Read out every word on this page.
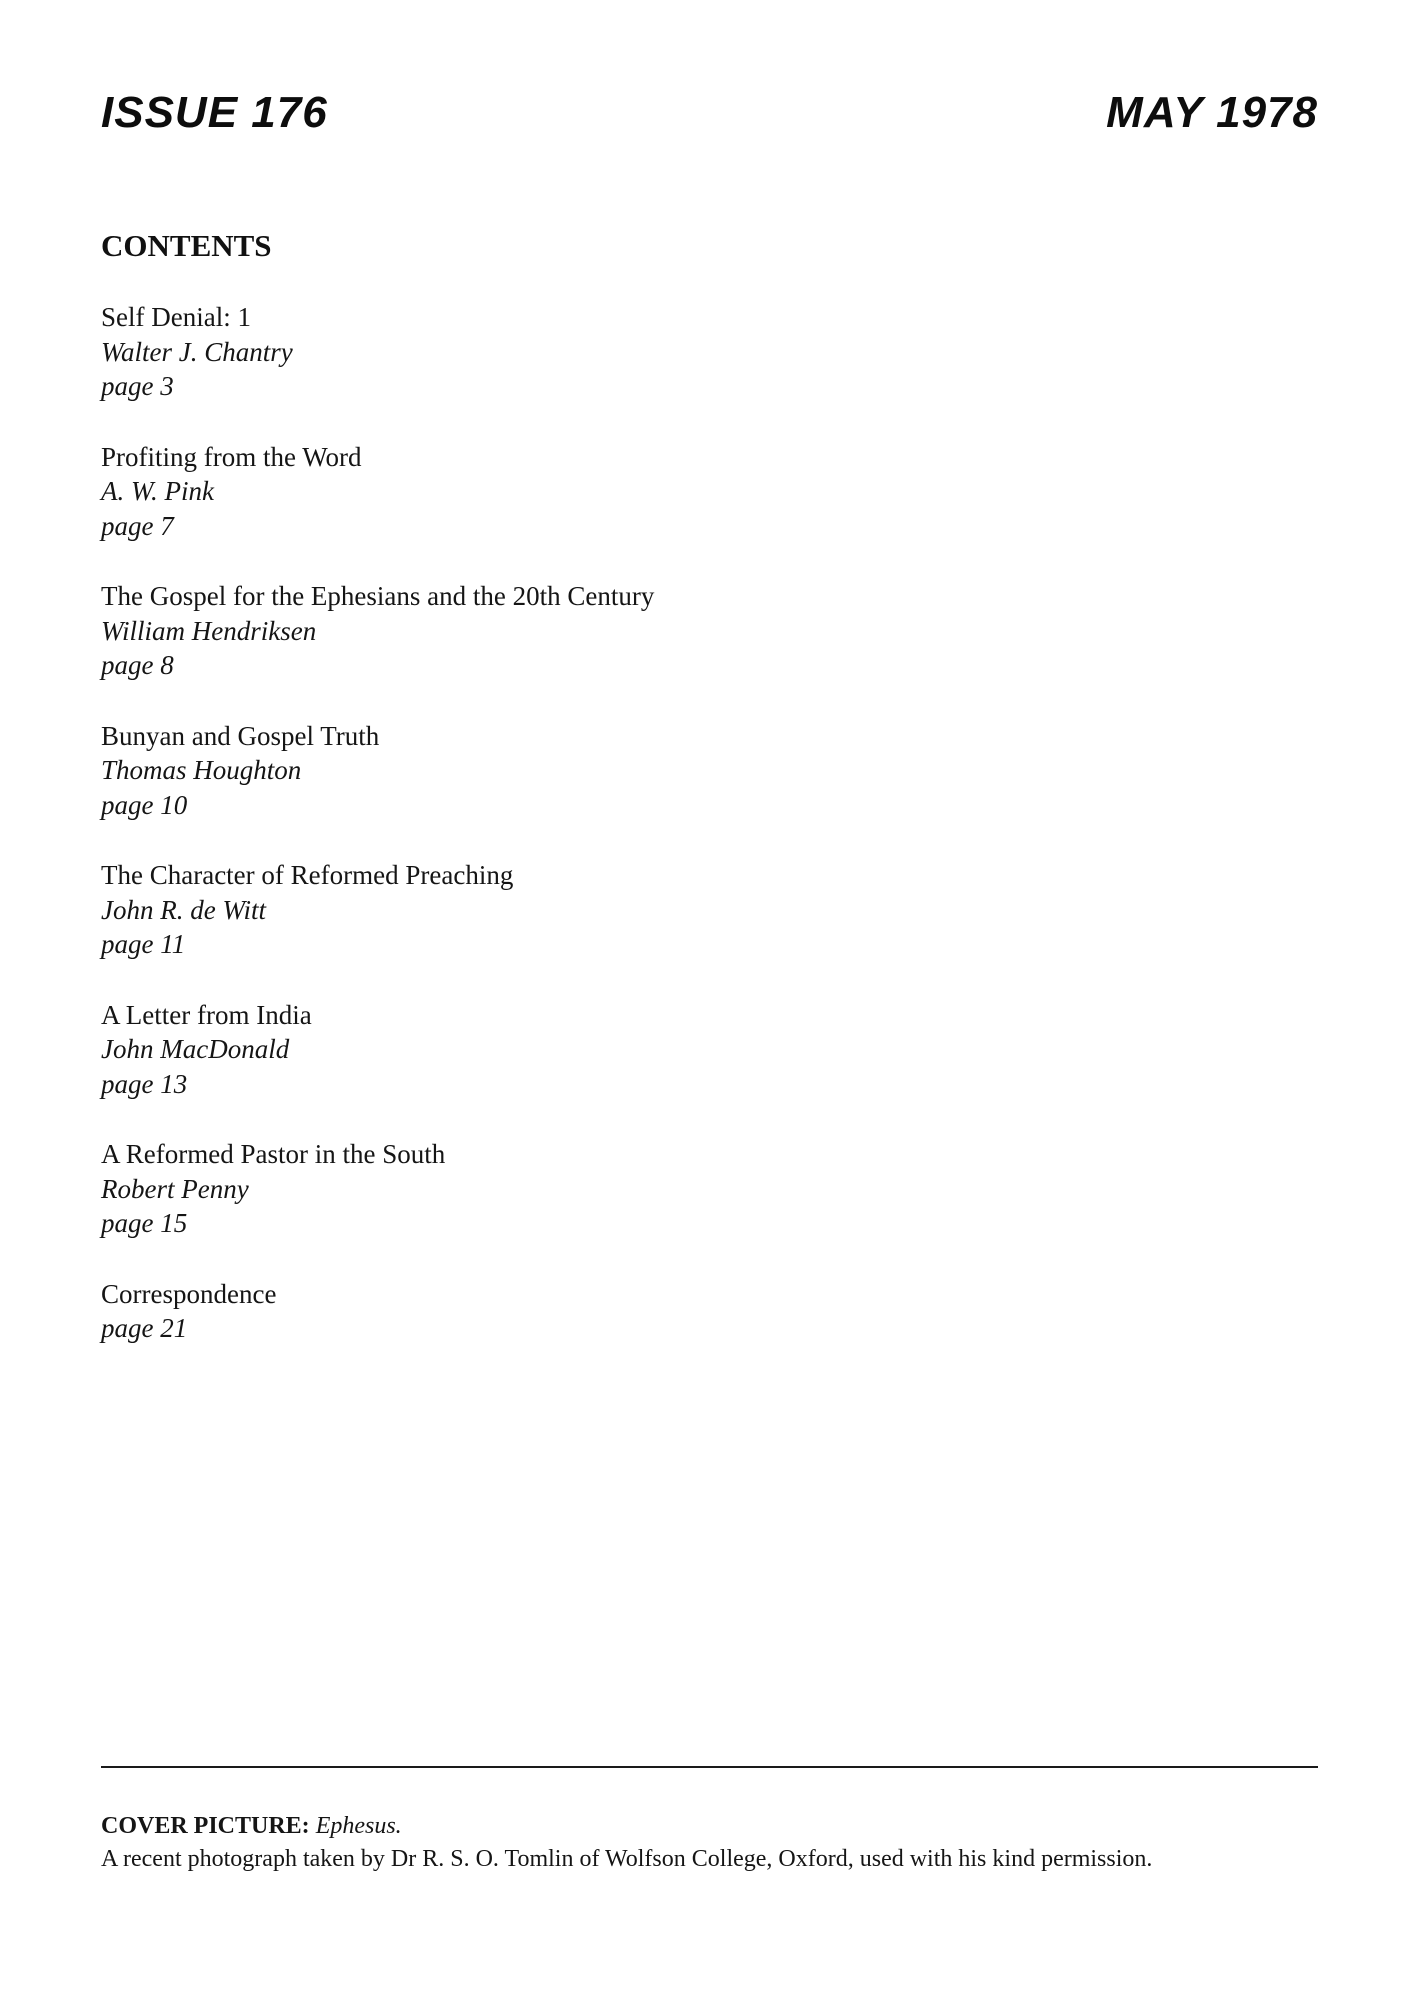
ISSUE 176	MAY 1978
CONTENTS
Self Denial: 1
Walter J. Chantry
page 3
Profiting from the Word
A. W. Pink
page 7
The Gospel for the Ephesians and the 20th Century
William Hendriksen
page 8
Bunyan and Gospel Truth
Thomas Houghton
page 10
The Character of Reformed Preaching
John R. de Witt
page 11
A Letter from India
John MacDonald
page 13
A Reformed Pastor in the South
Robert Penny
page 15
Correspondence
page 21
COVER PICTURE: Ephesus.
A recent photograph taken by Dr R. S. O. Tomlin of Wolfson College, Oxford, used with his kind permission.
